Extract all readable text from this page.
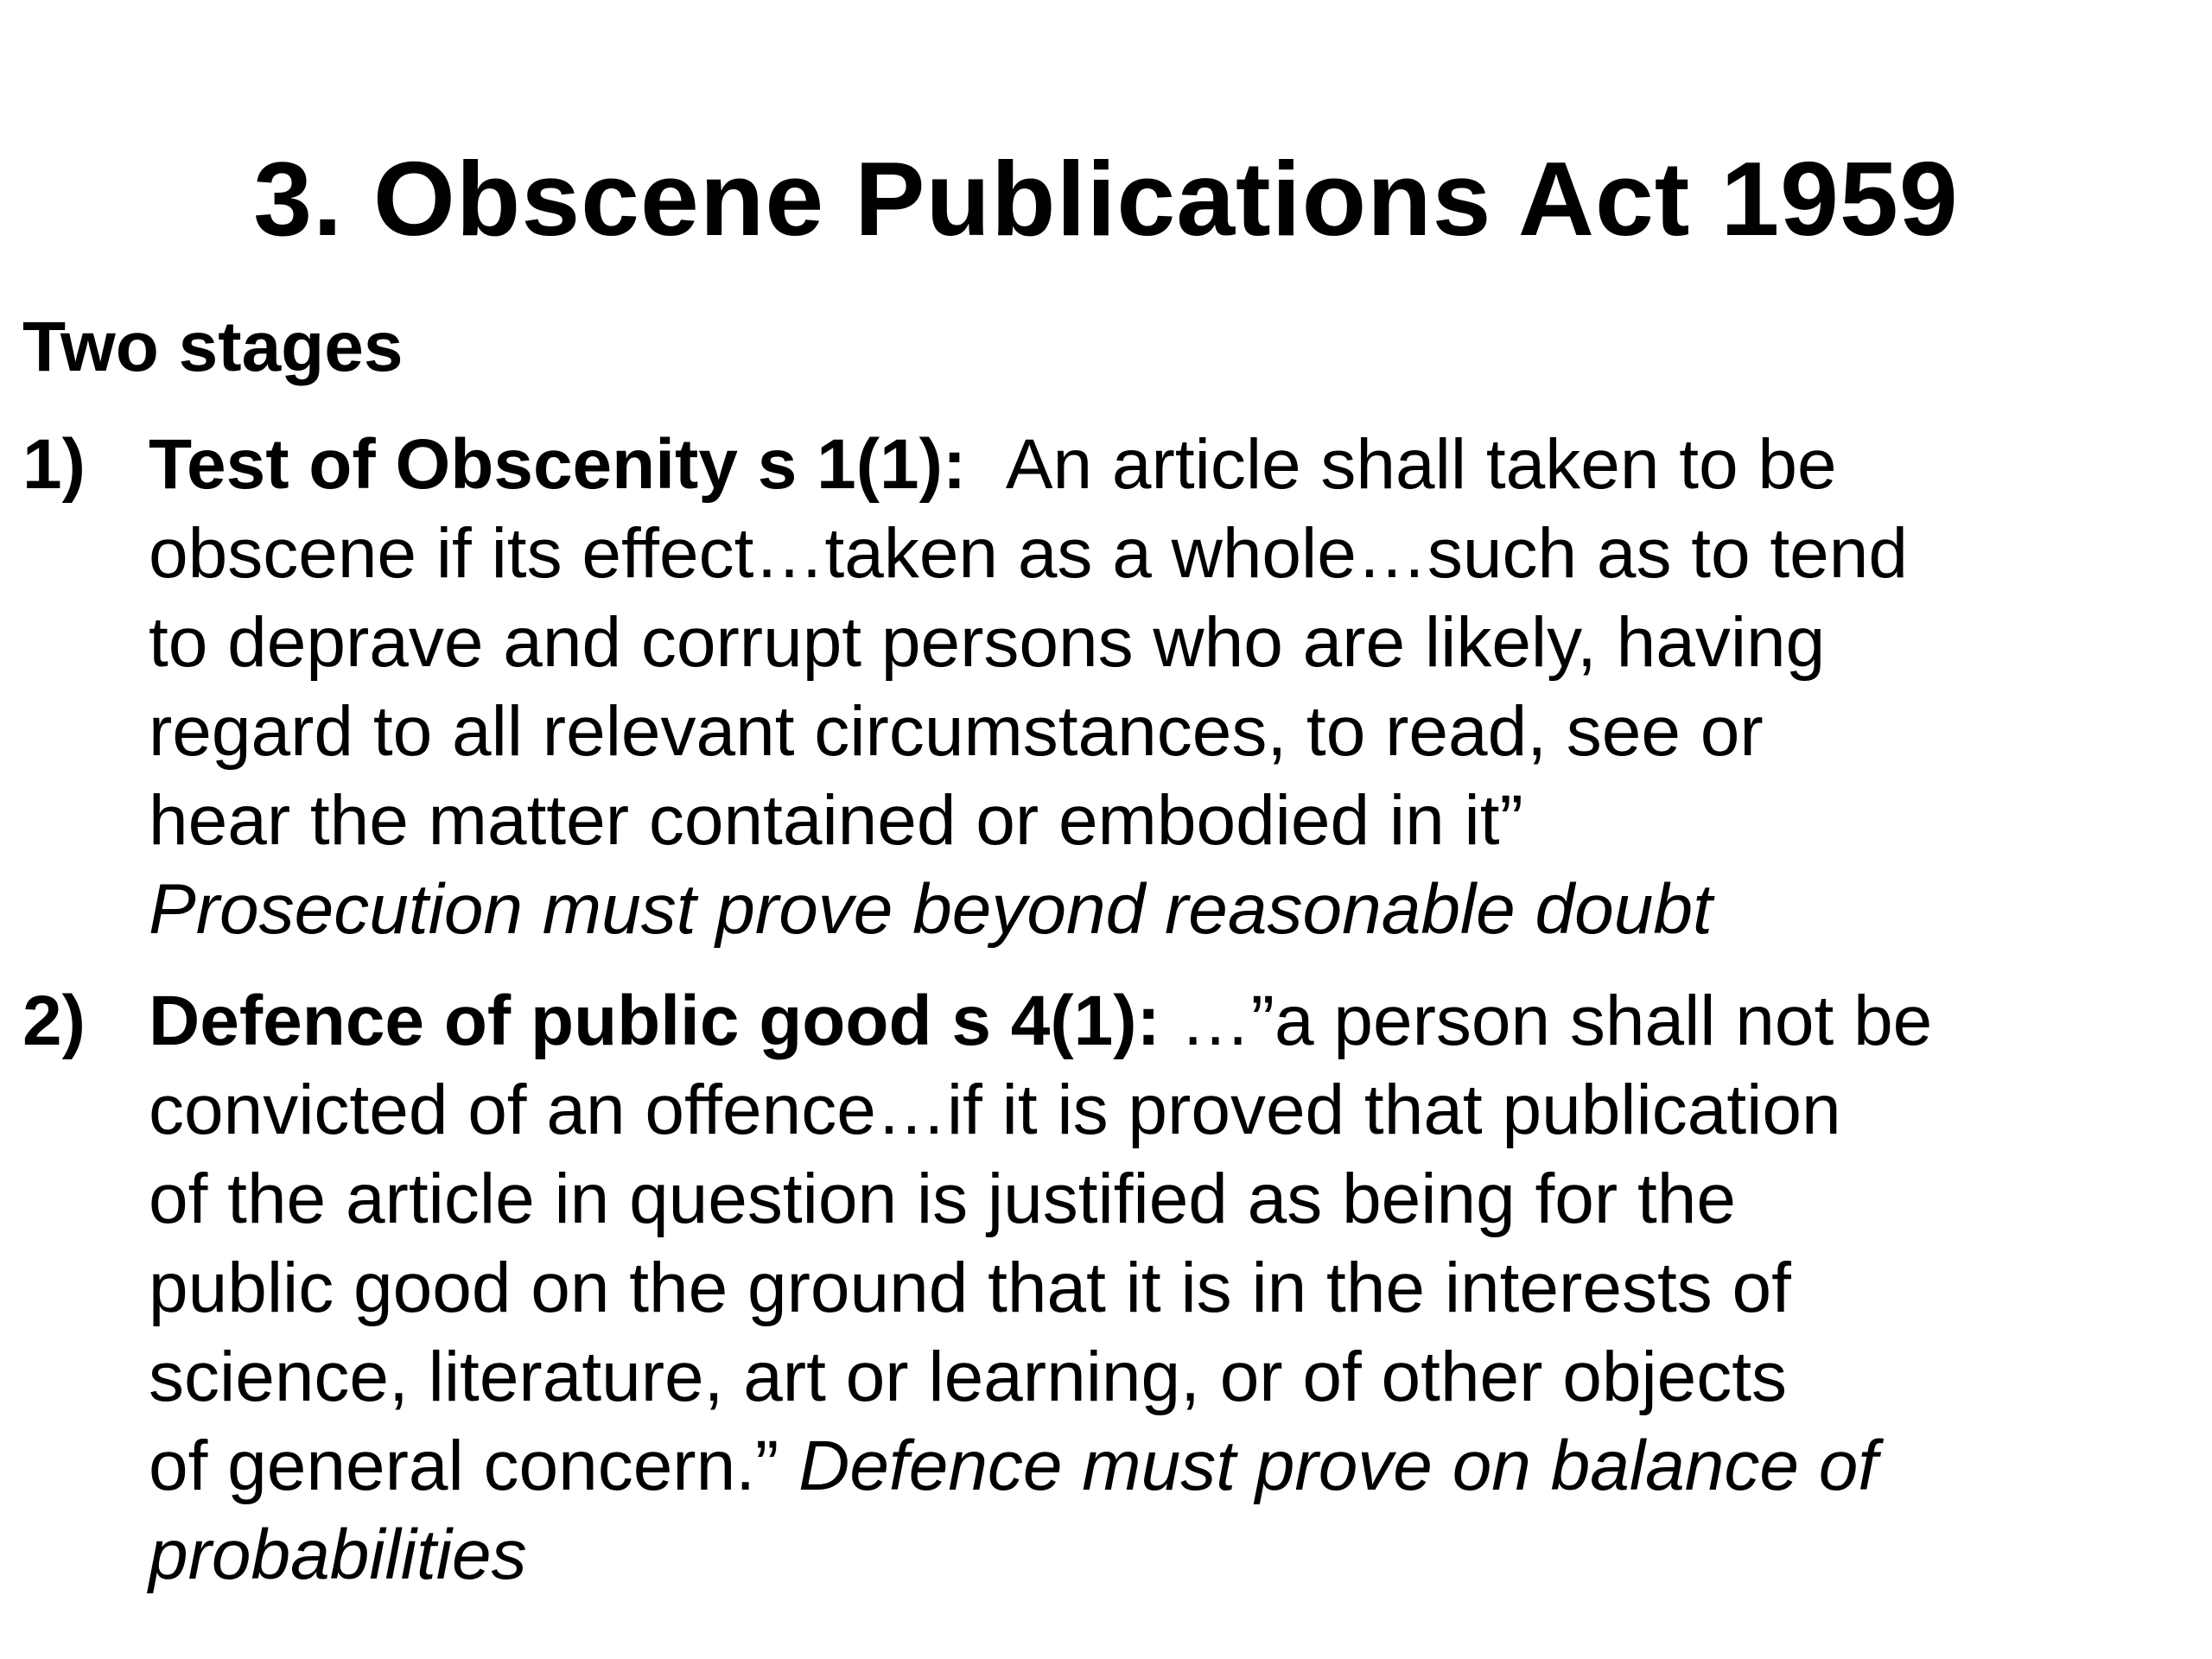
3. Obscene Publications Act 1959
Two stages
1) Test of Obscenity s 1(1): An article shall taken to be
obscene if its effect…taken as a whole…such as to tend
to deprave and corrupt persons who are likely, having
regard to all relevant circumstances, to read, see or
hear the matter contained or embodied in it”
Prosecution must prove beyond reasonable doubt
2) Defence of public good s 4(1): …”a person shall not be
convicted of an offence…if it is proved that publication
of the article in question is justified as being for the
public good on the ground that it is in the interests of
science, literature, art or learning, or of other objects
of general concern.” Defence must prove on balance of
probabilities
